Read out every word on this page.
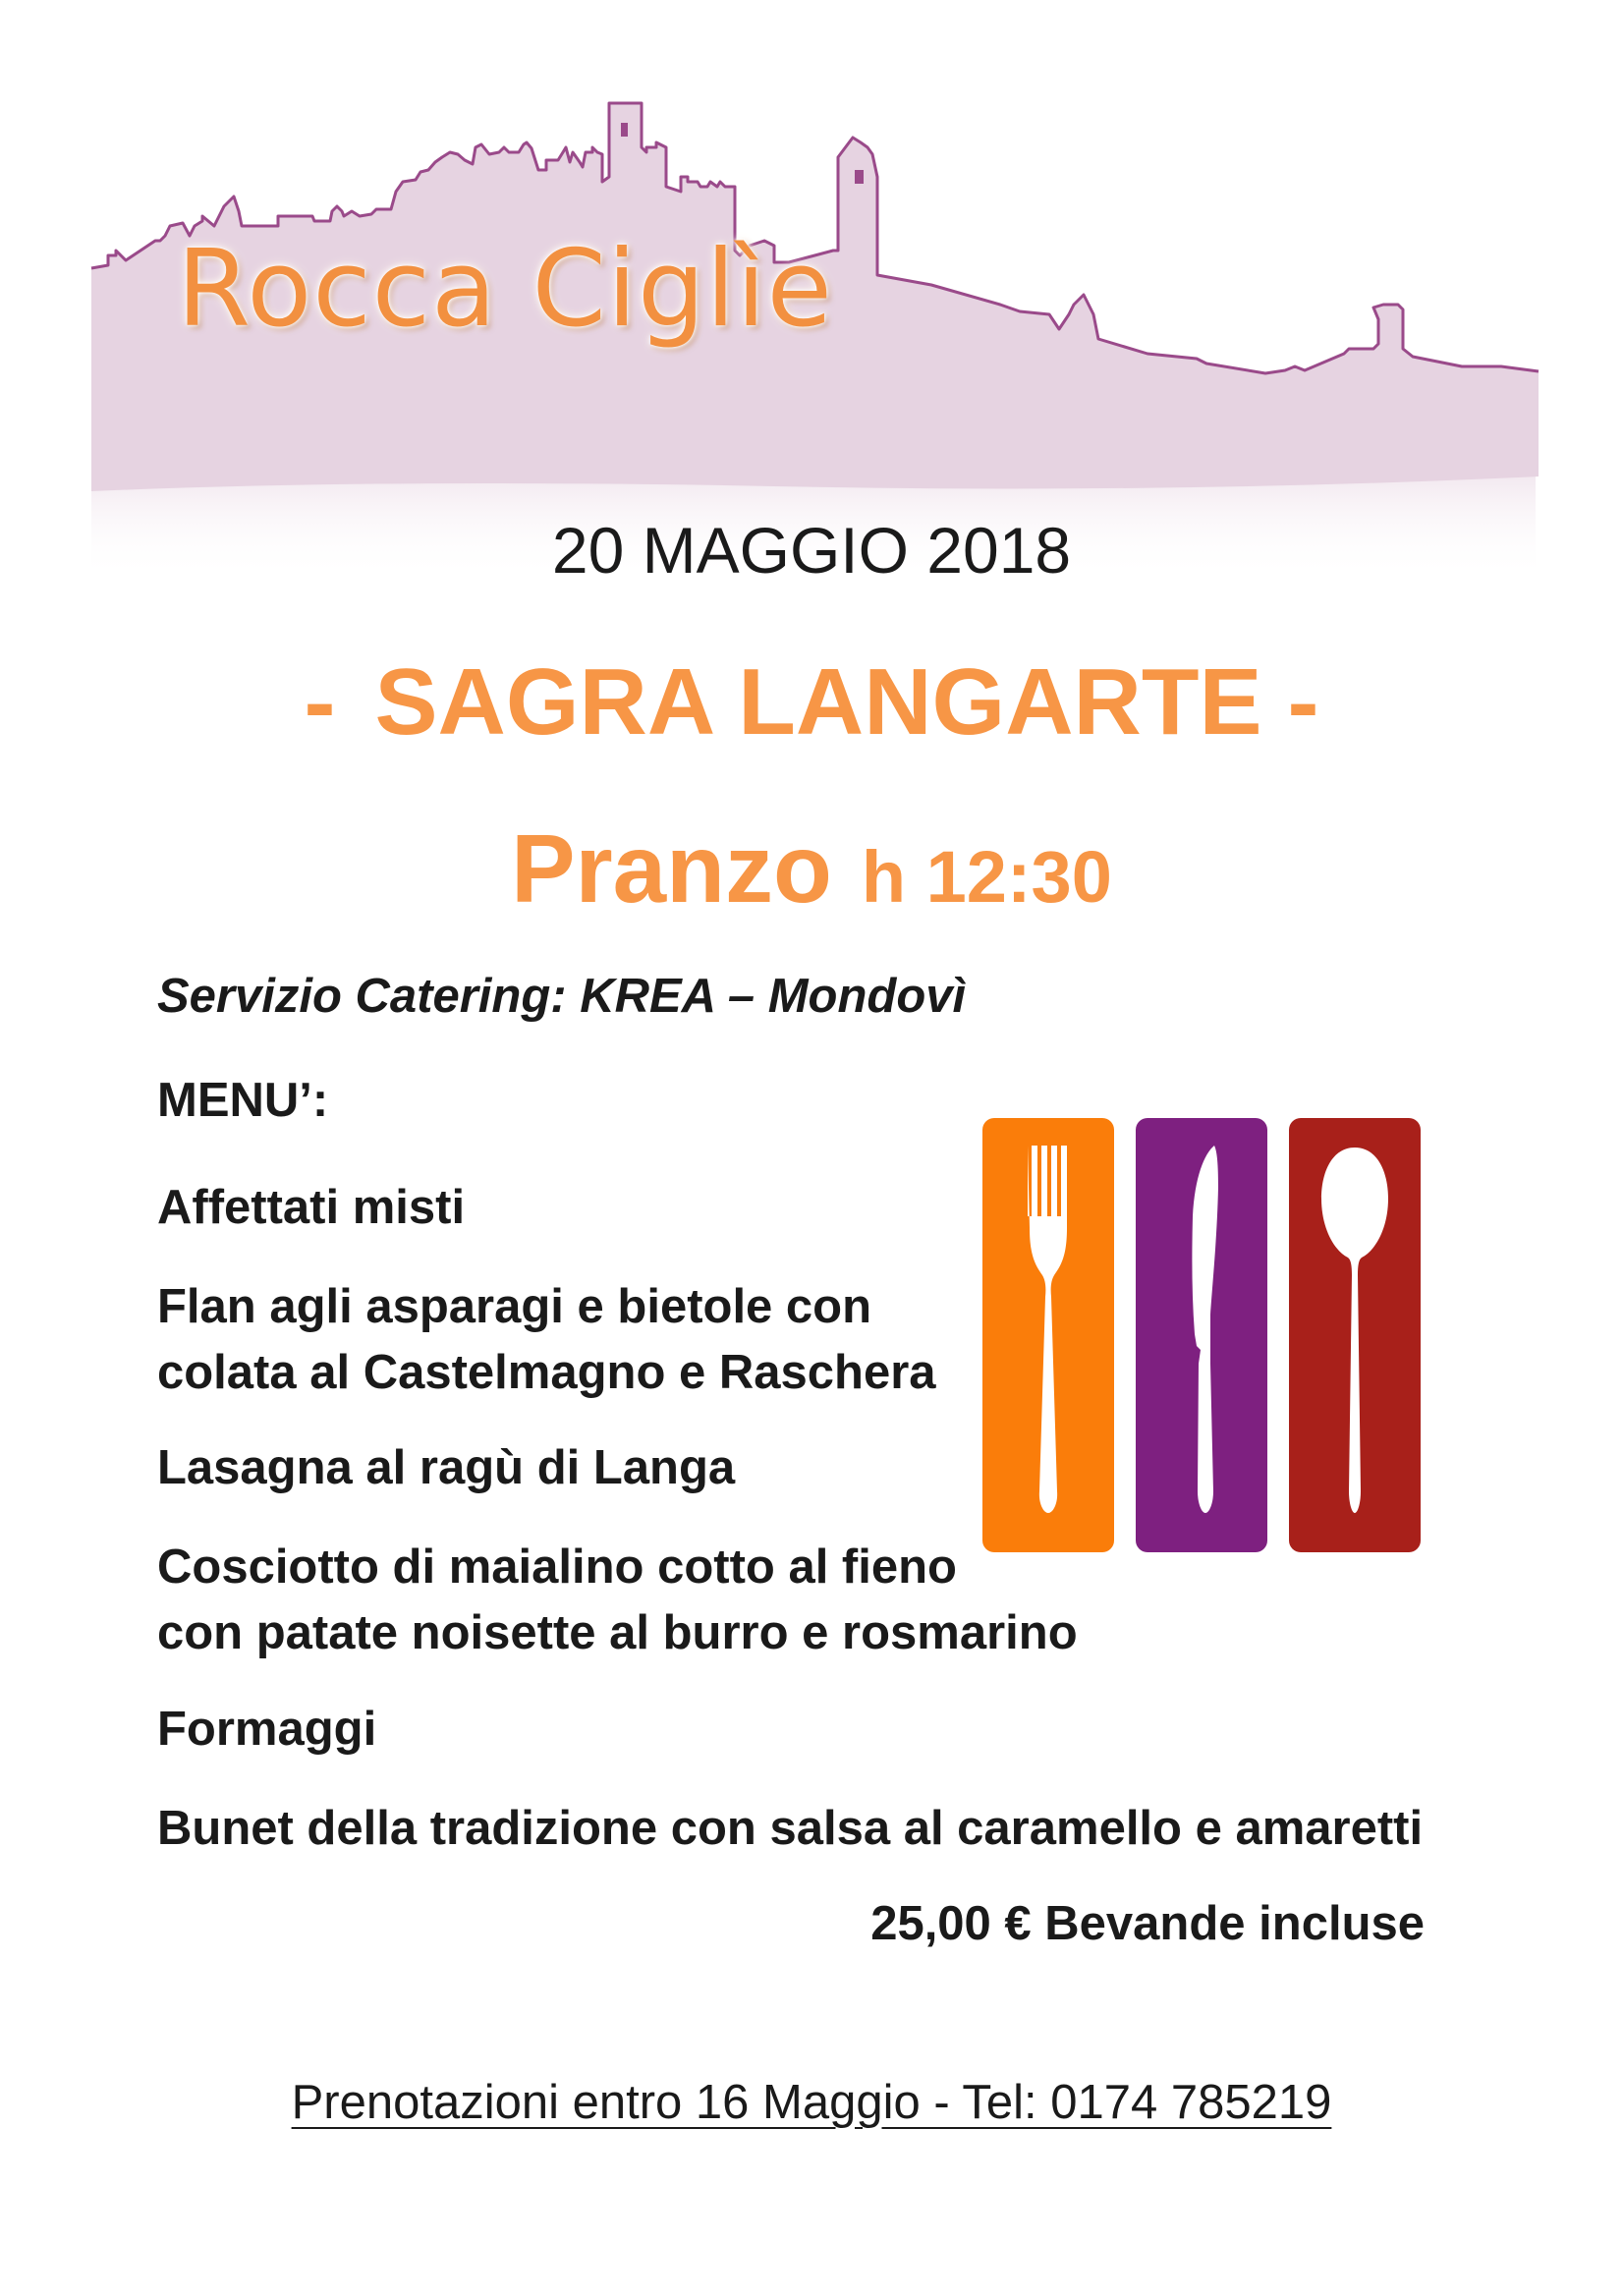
Rocca Ciglìe
20 MAGGIO 2018
- SAGRA LANGARTE -
Pranzo h 12:30

Servizio Catering: KREA – Mondovì

MENU’:

Affettati misti
Flan agli asparagi e bietole con
colata al Castelmagno e Raschera
Lasagna al ragù di Langa
Cosciotto di maialino cotto al fieno
con patate noisette al burro e rosmarino
Formaggi
Bunet della tradizione con salsa al caramello e amaretti

25,00 € Bevande incluse

Prenotazioni entro 16 Maggio - Tel: 0174 785219
